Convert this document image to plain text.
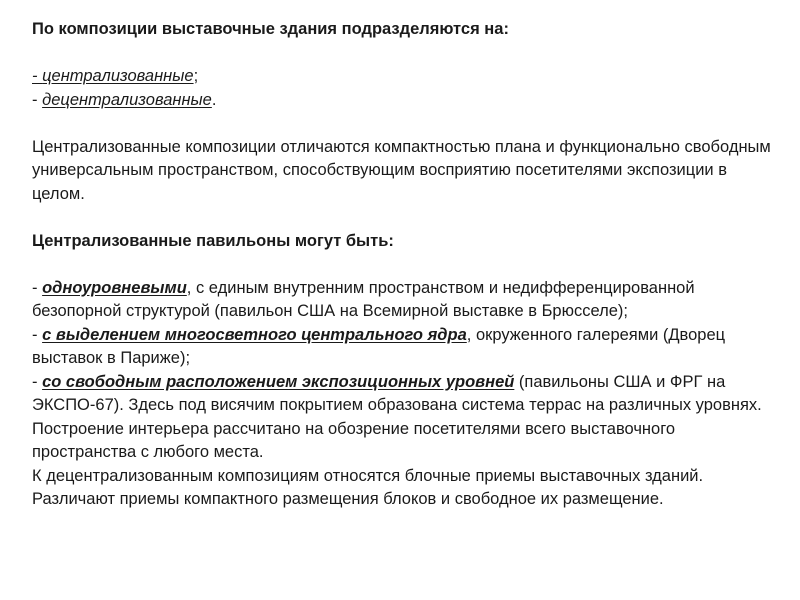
По композиции выставочные здания подразделяются на:

- централизованные;

- децентрализованные.

Централизованные композиции отличаются компактностью плана и функционально свободным универсальным пространством, способствующим восприятию посетителями экспозиции в целом.

Централизованные павильоны могут быть:

- одноуровневыми, с единым внутренним пространством и недифференцированной безопорной структурой (павильон США на Всемирной выставке в Брюсселе);

- с выделением многосветного центрального ядра, окруженного галереями (Дворец выставок в Париже);

- со свободным расположением экспозиционных уровней (павильоны США и ФРГ на ЭКСПО-67). Здесь под висячим покрытием образована система террас на различных уровнях. Построение интерьера рассчитано на обозрение посетителями всего выставочного пространства с любого места.

К децентрализованным композициям относятся блочные приемы выставочных зданий. Различают приемы компактного размещения блоков и свободное их размещение.
